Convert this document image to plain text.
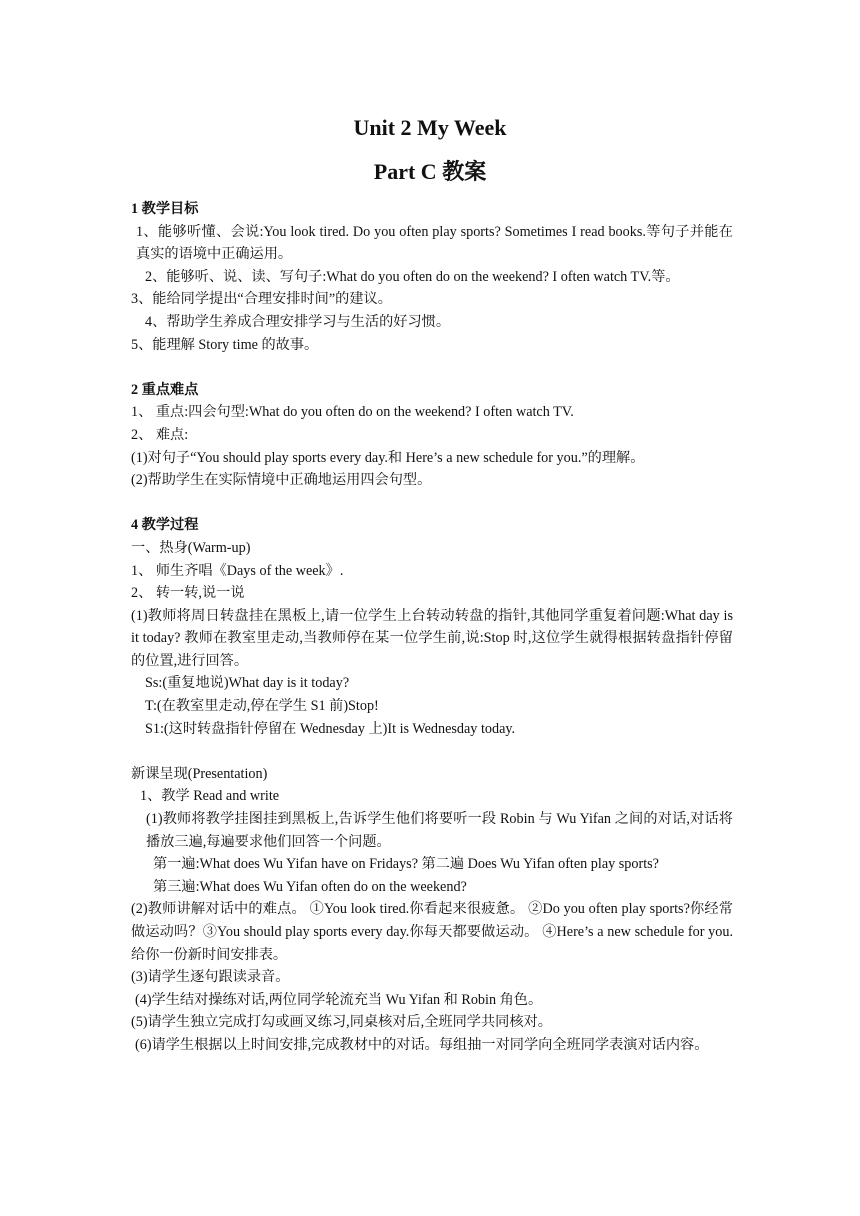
Unit 2 My Week
Part C 教案

1 教学目标

1、能够听懂、会说:You look tired. Do you often play sports? Sometimes I read books.等句子并能在真实的语境中正确运用。

2、能够听、说、读、写句子:What do you often do on the weekend? I often watch TV.等。

3、能给同学提出“合理安排时间”的建议。

4、帮助学生养成合理安排学习与生活的好习惯。

5、能理解 Story time 的故事。

2 重点难点

1、 重点:四会句型:What do you often do on the weekend? I often watch TV.

2、 难点:

(1)对句子“You should play sports every day.和 Here’s a new schedule for you.”的理解。

(2)帮助学生在实际情境中正确地运用四会句型。

4 教学过程

一、热身(Warm-up)

1、 师生齐唱《Days of the week》.

2、 转一转,说一说

(1)教师将周日转盘挂在黑板上,请一位学生上台转动转盘的指针,其他同学重复着问题:What day is it today? 教师在教室里走动,当教师停在某一位学生前,说:Stop 时,这位学生就得根据转盘指针停留的位置,进行回答。

Ss:(重复地说)What day is it today?

T:(在教室里走动,停在学生 S1 前)Stop!

S1:(这时转盘指针停留在 Wednesday 上)It is Wednesday today.

新课呈现(Presentation)

1、教学 Read and write

(1)教师将教学挂图挂到黑板上,告诉学生他们将要听一段 Robin 与 Wu Yifan 之间的对话,对话将播放三遍,每遍要求他们回答一个问题。

第一遍:What does Wu Yifan have on Fridays? 第二遍 Does Wu Yifan often play sports?

第三遍:What does Wu Yifan often do on the weekend?

(2)教师讲解对话中的难点。 ①You look tired.你看起来很疲惫。 ②Do you often play sports?你经常做运动吗？③You should play sports every day.你每天都要做运动。 ④Here’s a new schedule for you.给你一份新时间安排表。

(3)请学生逐句跟读录音。

(4)学生结对操练对话,两位同学轮流充当 Wu Yifan 和 Robin 角色。

(5)请学生独立完成打勾或画叉练习,同桌核对后,全班同学共同核对。

(6)请学生根据以上时间安排,完成教材中的对话。每组抽一对同学向全班同学表演对话内容。
